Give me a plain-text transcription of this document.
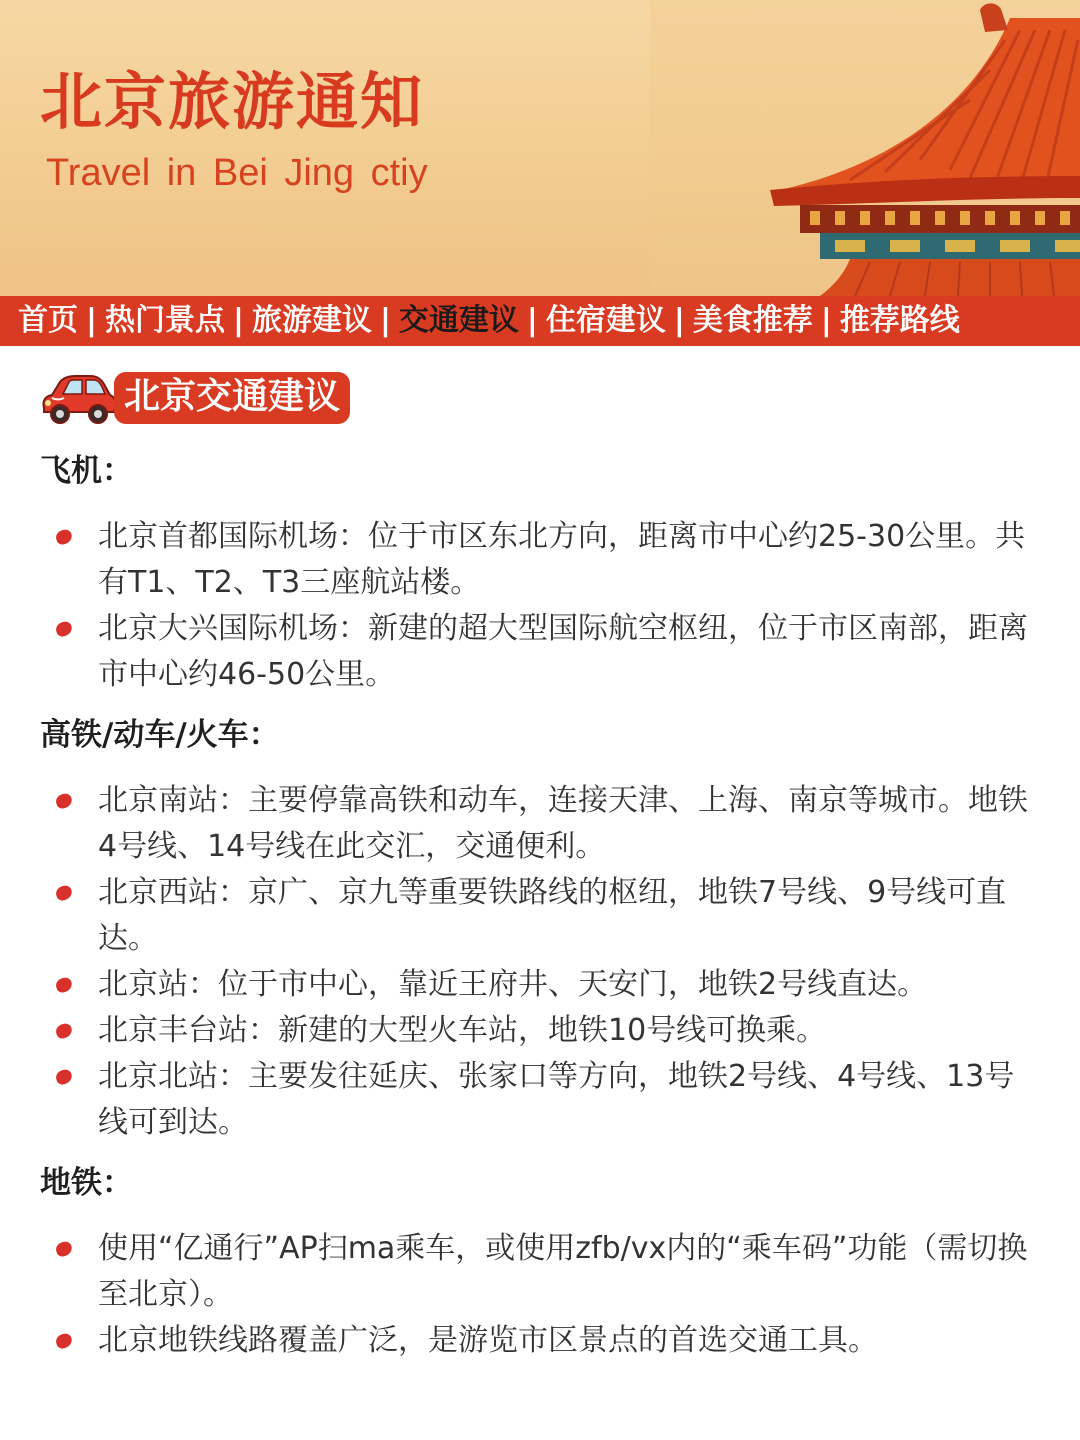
北京旅游通知
Travel in Bei Jing ctiy
首页 | 热门景点 | 旅游建议 | 交通建议 | 住宿建议 | 美食推荐 | 推荐路线
北京交通建议
飞机：
北京首都国际机场：位于市区东北方向，距离市中心约25-30公里。共有T1、T2、T3三座航站楼。
北京大兴国际机场：新建的超大型国际航空枢纽，位于市区南部，距离市中心约46-50公里。
高铁/动车/火车：
北京南站：主要停靠高铁和动车，连接天津、上海、南京等城市。地铁4号线、14号线在此交汇，交通便利。
北京西站：京广、京九等重要铁路线的枢纽，地铁7号线、9号线可直达。
北京站：位于市中心，靠近王府井、天安门，地铁2号线直达。
北京丰台站：新建的大型火车站，地铁10号线可换乘。
北京北站：主要发往延庆、张家口等方向，地铁2号线、4号线、13号线可到达。
地铁：
使用“亿通行”AP扫ma乘车，或使用zfb/vx内的“乘车码”功能（需切换至北京）。
北京地铁线路覆盖广泛，是游览市区景点的首选交通工具。
